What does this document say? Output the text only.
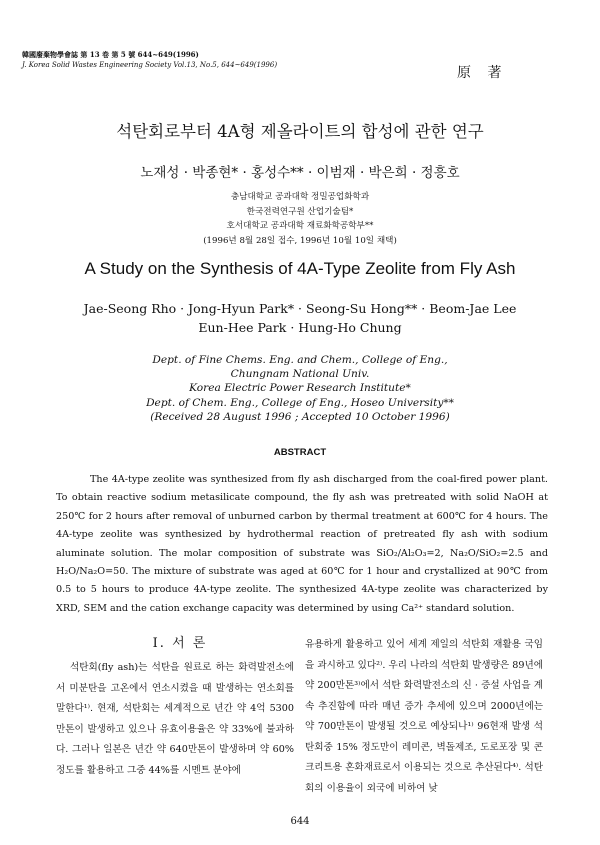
韓國廢棄物學會誌 第 13 卷 第 5 號 644~649(1996)
J. Korea Solid Wastes Engineering Society Vol.13, No.5, 644~649(1996)	原 著
석탄회로부터 4A형 제올라이트의 합성에 관한 연구
노재성 · 박종현* · 홍성수** · 이범재 · 박은희 · 정흥호
충남대학교 공과대학 정밀공업화학과
한국전력연구원 산업기술팀*
호서대학교 공과대학 재료화학공학부**
(1996년 8월 28일 접수, 1996년 10월 10일 채택)
A Study on the Synthesis of 4A-Type Zeolite from Fly Ash
Jae-Seong Rho · Jong-Hyun Park* · Seong-Su Hong** · Beom-Jae Lee
Eun-Hee Park · Hung-Ho Chung
Dept. of Fine Chems. Eng. and Chem., College of Eng.,
Chungnam National Univ.
Korea Electric Power Research Institute*
Dept. of Chem. Eng., College of Eng., Hoseo University**
(Received 28 August 1996 ; Accepted 10 October 1996)
ABSTRACT

The 4A-type zeolite was synthesized from fly ash discharged from the coal-fired power plant. To obtain reactive sodium metasilicate compound, the fly ash was pretreated with solid NaOH at 250℃ for 2 hours after removal of unburned carbon by thermal treatment at 600℃ for 4 hours. The 4A-type zeolite was synthesized by hydrothermal reaction of pretreated fly ash with sodium aluminate solution. The molar composition of substrate was SiO₂/Al₂O₃=2, Na₂O/SiO₂=2.5 and H₂O/Na₂O=50. The mixture of substrate was aged at 60℃ for 1 hour and crystallized at 90℃ from 0.5 to 5 hours to produce 4A-type zeolite. The synthesized 4A-type zeolite was characterized by XRD, SEM and the cation exchange capacity was determined by using Ca²⁺ standard solution.

Ⅰ. 서 론

석탄회(fly ash)는 석탄을 원료로 하는 화력발전소에서 미분탄을 고온에서 연소시켰을 때 발생하는 연소회를 말한다¹⁾. 현재, 석탄회는 세계적으로 년간 약 4억 5300만톤이 발생하고 있으나 유효이용율은 약 33%에 불과하다. 그러나 일본은 년간 약 640만톤이 발생하며 약 60% 정도를 활용하고 그중 44%를 시멘트 분야에

유용하게 활용하고 있어 세계 제일의 석탄회 재활용 국임을 과시하고 있다²⁾. 우리 나라의 석탄회 발생량은 89년에 약 200만톤³⁾에서 석탄 화력발전소의 신 · 증설 사업을 계속 추진함에 따라 매년 증가 추세에 있으며 2000년에는 약 700만톤이 발생될 것으로 예상되나¹⁾ 96현재 발생 석탄회중 15% 정도만이 레미콘, 벽돌제조, 도로포장 및 콘크리트용 혼화재료로서 이용되는 것으로 추산된다⁴⁾. 석탄회의 이용율이 외국에 비하여 낮

644
